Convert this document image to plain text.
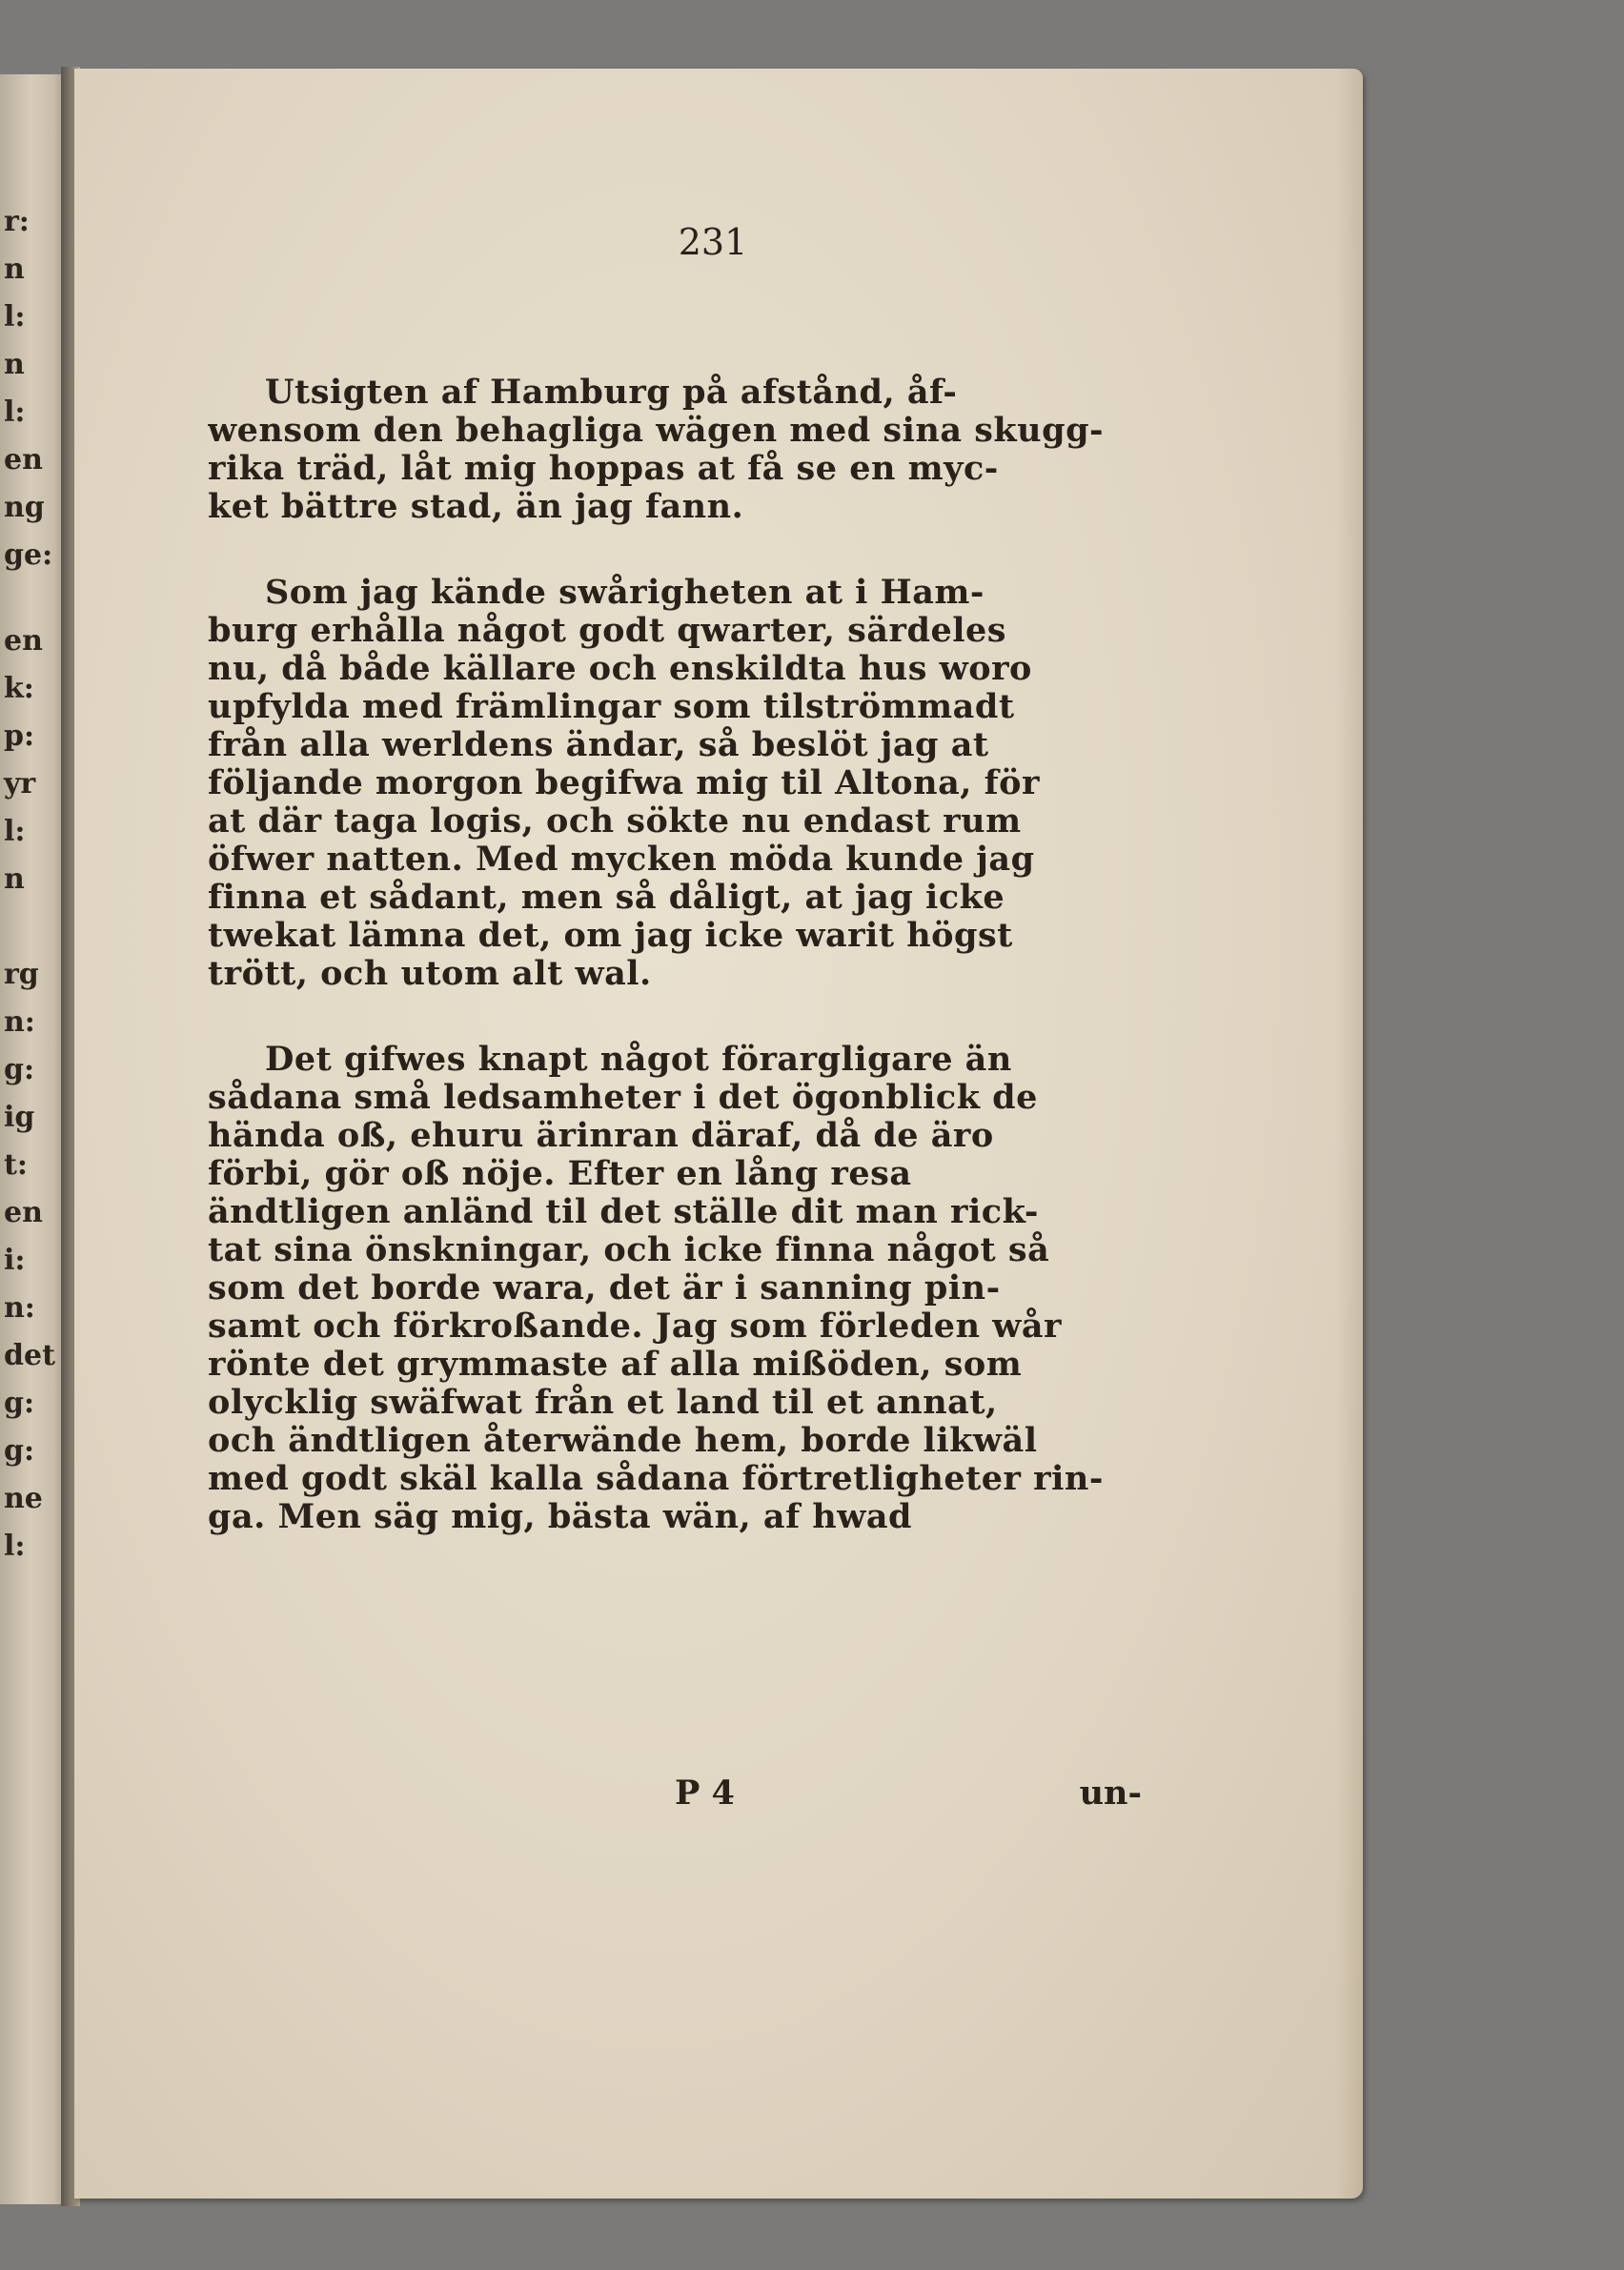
r:
n
l:
n
l:
en
ng
ge:
en
k:
p:
yr
l:
n
rg
n:
g:
ig
t:
en
i:
n:
det
g:
g:
ne
l:
231
Utsigten af Hamburg på afstånd, åf-
wensom den behagliga wägen med sina skugg-
rika träd, låt mig hoppas at få se en myc-
ket bättre stad, än jag fann.
Som jag kände swårigheten at i Ham-
burg erhålla något godt qwarter, särdeles
nu, då både källare och enskildta hus woro
upfylda med främlingar som tilströmmadt
från alla werldens ändar, så beslöt jag at
följande morgon begifwa mig til Altona, för
at där taga logis, och sökte nu endast rum
öfwer natten. Med mycken möda kunde jag
finna et sådant, men så dåligt, at jag icke
twekat lämna det, om jag icke warit högst
trött, och utom alt wal.
Det gifwes knapt något förargligare än
sådana små ledsamheter i det ögonblick de
hända oß, ehuru ärinran däraf, då de äro
förbi, gör oß nöje. Efter en lång resa
ändtligen anländ til det ställe dit man rick-
tat sina önskningar, och icke finna något så
som det borde wara, det är i sanning pin-
samt och förkroßande. Jag som förleden wår
rönte det grymmaste af alla mißöden, som
olycklig swäfwat från et land til et annat,
och ändtligen återwände hem, borde likwäl
med godt skäl kalla sådana förtretligheter rin-
ga. Men säg mig, bästa wän, af hwad
P 4	un-
